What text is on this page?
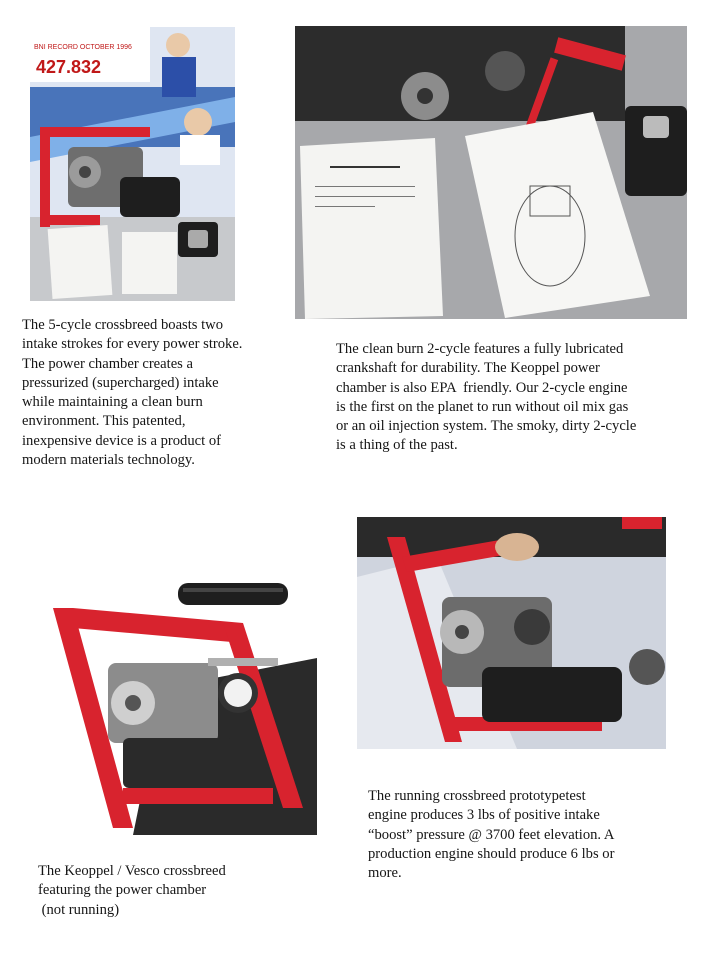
BNI RECORD OCTOBER 1996
427.832
The 5-cycle crossbreed boasts two
intake strokes for every power stroke.
The power chamber creates a
pressurized (supercharged) intake
while maintaining a clean burn
environment. This patented,
inexpensive device is a product of
modern materials technology.
The clean burn 2-cycle features a fully lubricated
crankshaft for durability. The Keoppel power
chamber is also EPA  friendly. Our 2-cycle engine
is the first on the planet to run without oil mix gas
or an oil injection system. The smoky, dirty 2-cycle
is a thing of the past.
The running crossbreed prototypetest
engine produces 3 lbs of positive intake
“boost” pressure @ 3700 feet elevation. A
production engine should produce 6 lbs or
more.
The Keoppel / Vesco crossbreed
featuring the power chamber
(not running)
